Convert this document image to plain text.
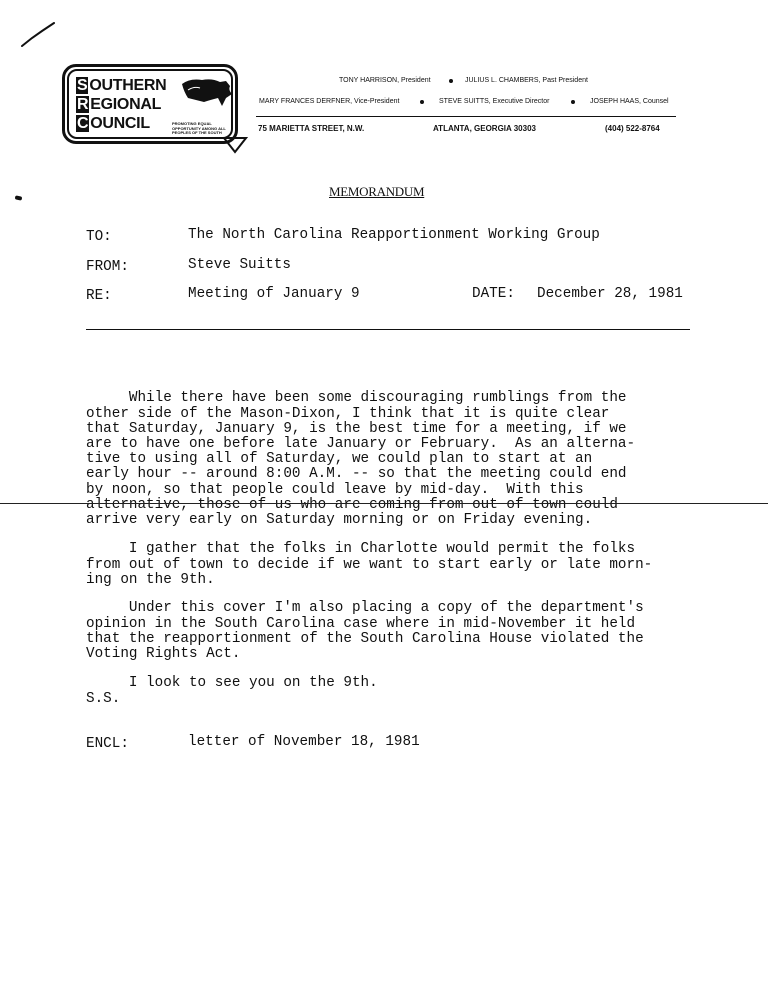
S OUTHERN
R EGIONAL
C OUNCIL	PROMOTING EQUAL OPPORTUNITY AMONG ALL PEOPLES OF THE SOUTH
TONY HARRISON, President	JULIUS L. CHAMBERS, Past President
MARY FRANCES DERFNER, Vice-President	STEVE SUITTS, Executive Director	JOSEPH HAAS, Counsel
75 MARIETTA STREET, N.W.	ATLANTA, GEORGIA 30303	(404) 522-8764
MEMORANDUM
TO:	The North Carolina Reapportionment Working Group
FROM:	Steve Suitts
RE:	Meeting of January 9	DATE: December 28, 1981

While there have been some discouraging rumblings from the
other side of the Mason-Dixon, I think that it is quite clear
that Saturday, January 9, is the best time for a meeting, if we
are to have one before late January or February.  As an alterna-
tive to using all of Saturday, we could plan to start at an
early hour -- around 8:00 A.M. -- so that the meeting could end
by noon, so that people could leave by mid-day.  With this
alternative, those of us who are coming from out of town could
arrive very early on Saturday morning or on Friday evening.

I gather that the folks in Charlotte would permit the folks
from out of town to decide if we want to start early or late morn-
ing on the 9th.

Under this cover I'm also placing a copy of the department's
opinion in the South Carolina case where in mid-November it held
that the reapportionment of the South Carolina House violated the
Voting Rights Act.

I look to see you on the 9th.

S.S.
ENCL:	letter of November 18, 1981
